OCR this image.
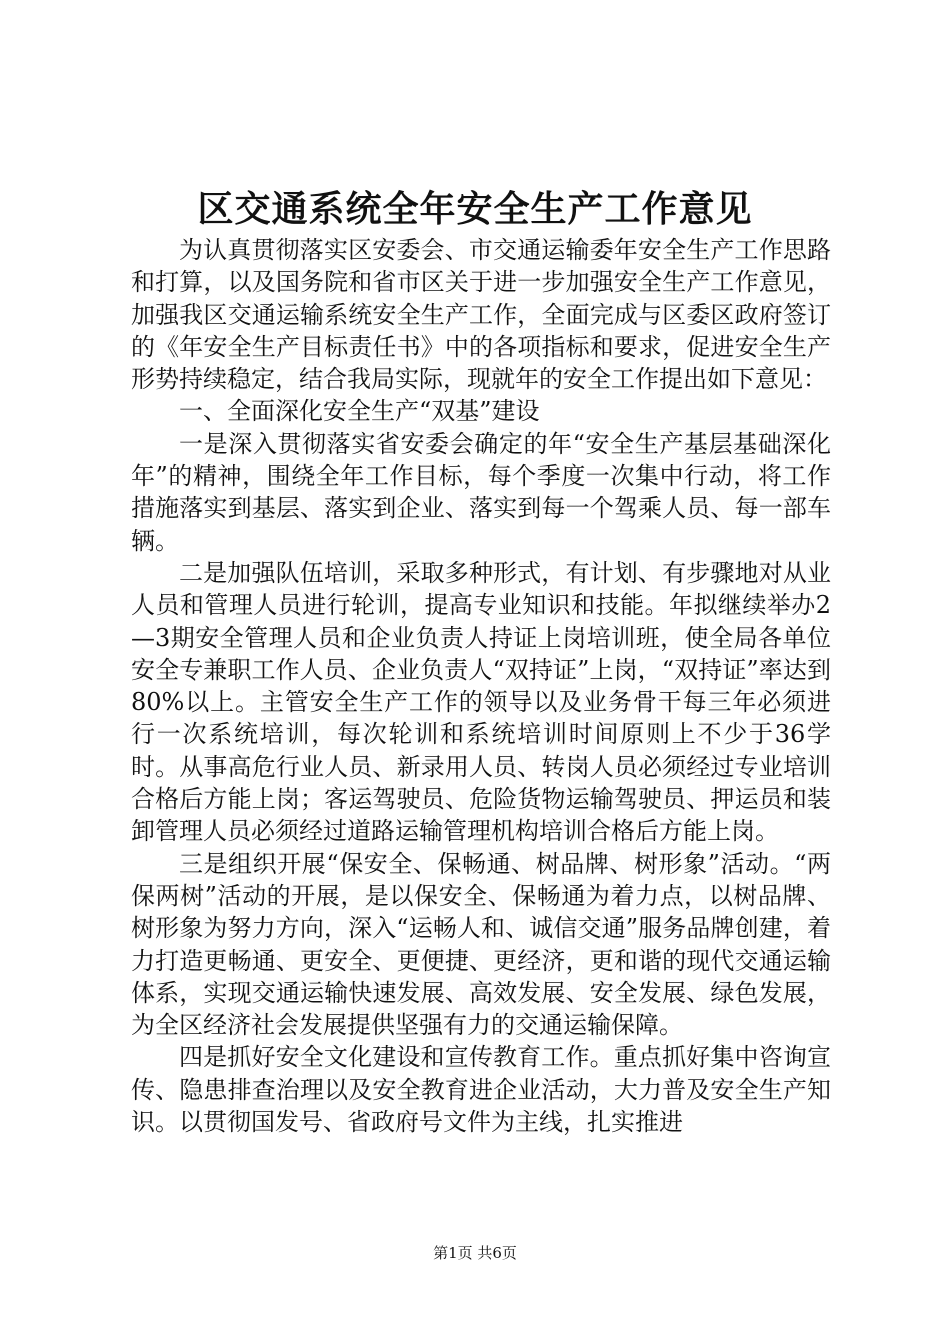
区交通系统全年安全生产工作意见

为认真贯彻落实区安委会、市交通运输委年安全生产工作思路和打算，以及国务院和省市区关于进一步加强安全生产工作意见，加强我区交通运输系统安全生产工作，全面完成与区委区政府签订的《年安全生产目标责任书》中的各项指标和要求，促进安全生产形势持续稳定，结合我局实际，现就年的安全工作提出如下意见：

一、全面深化安全生产“双基”建设

一是深入贯彻落实省安委会确定的年“安全生产基层基础深化年”的精神，围绕全年工作目标，每个季度一次集中行动，将工作措施落实到基层、落实到企业、落实到每一个驾乘人员、每一部车辆。

二是加强队伍培训，采取多种形式，有计划、有步骤地对从业人员和管理人员进行轮训，提高专业知识和技能。年拟继续举办2—3期安全管理人员和企业负责人持证上岗培训班，使全局各单位安全专兼职工作人员、企业负责人“双持证”上岗，“双持证”率达到80%以上。主管安全生产工作的领导以及业务骨干每三年必须进行一次系统培训，每次轮训和系统培训时间原则上不少于36学时。从事高危行业人员、新录用人员、转岗人员必须经过专业培训合格后方能上岗；客运驾驶员、危险货物运输驾驶员、押运员和装卸管理人员必须经过道路运输管理机构培训合格后方能上岗。

三是组织开展“保安全、保畅通、树品牌、树形象”活动。“两保两树”活动的开展，是以保安全、保畅通为着力点，以树品牌、树形象为努力方向，深入“运畅人和、诚信交通”服务品牌创建，着力打造更畅通、更安全、更便捷、更经济，更和谐的现代交通运输体系，实现交通运输快速发展、高效发展、安全发展、绿色发展，为全区经济社会发展提供坚强有力的交通运输保障。

四是抓好安全文化建设和宣传教育工作。重点抓好集中咨询宣传、隐患排查治理以及安全教育进企业活动，大力普及安全生产知识。以贯彻国发号、省政府号文件为主线，扎实推进

第1页 共6页
